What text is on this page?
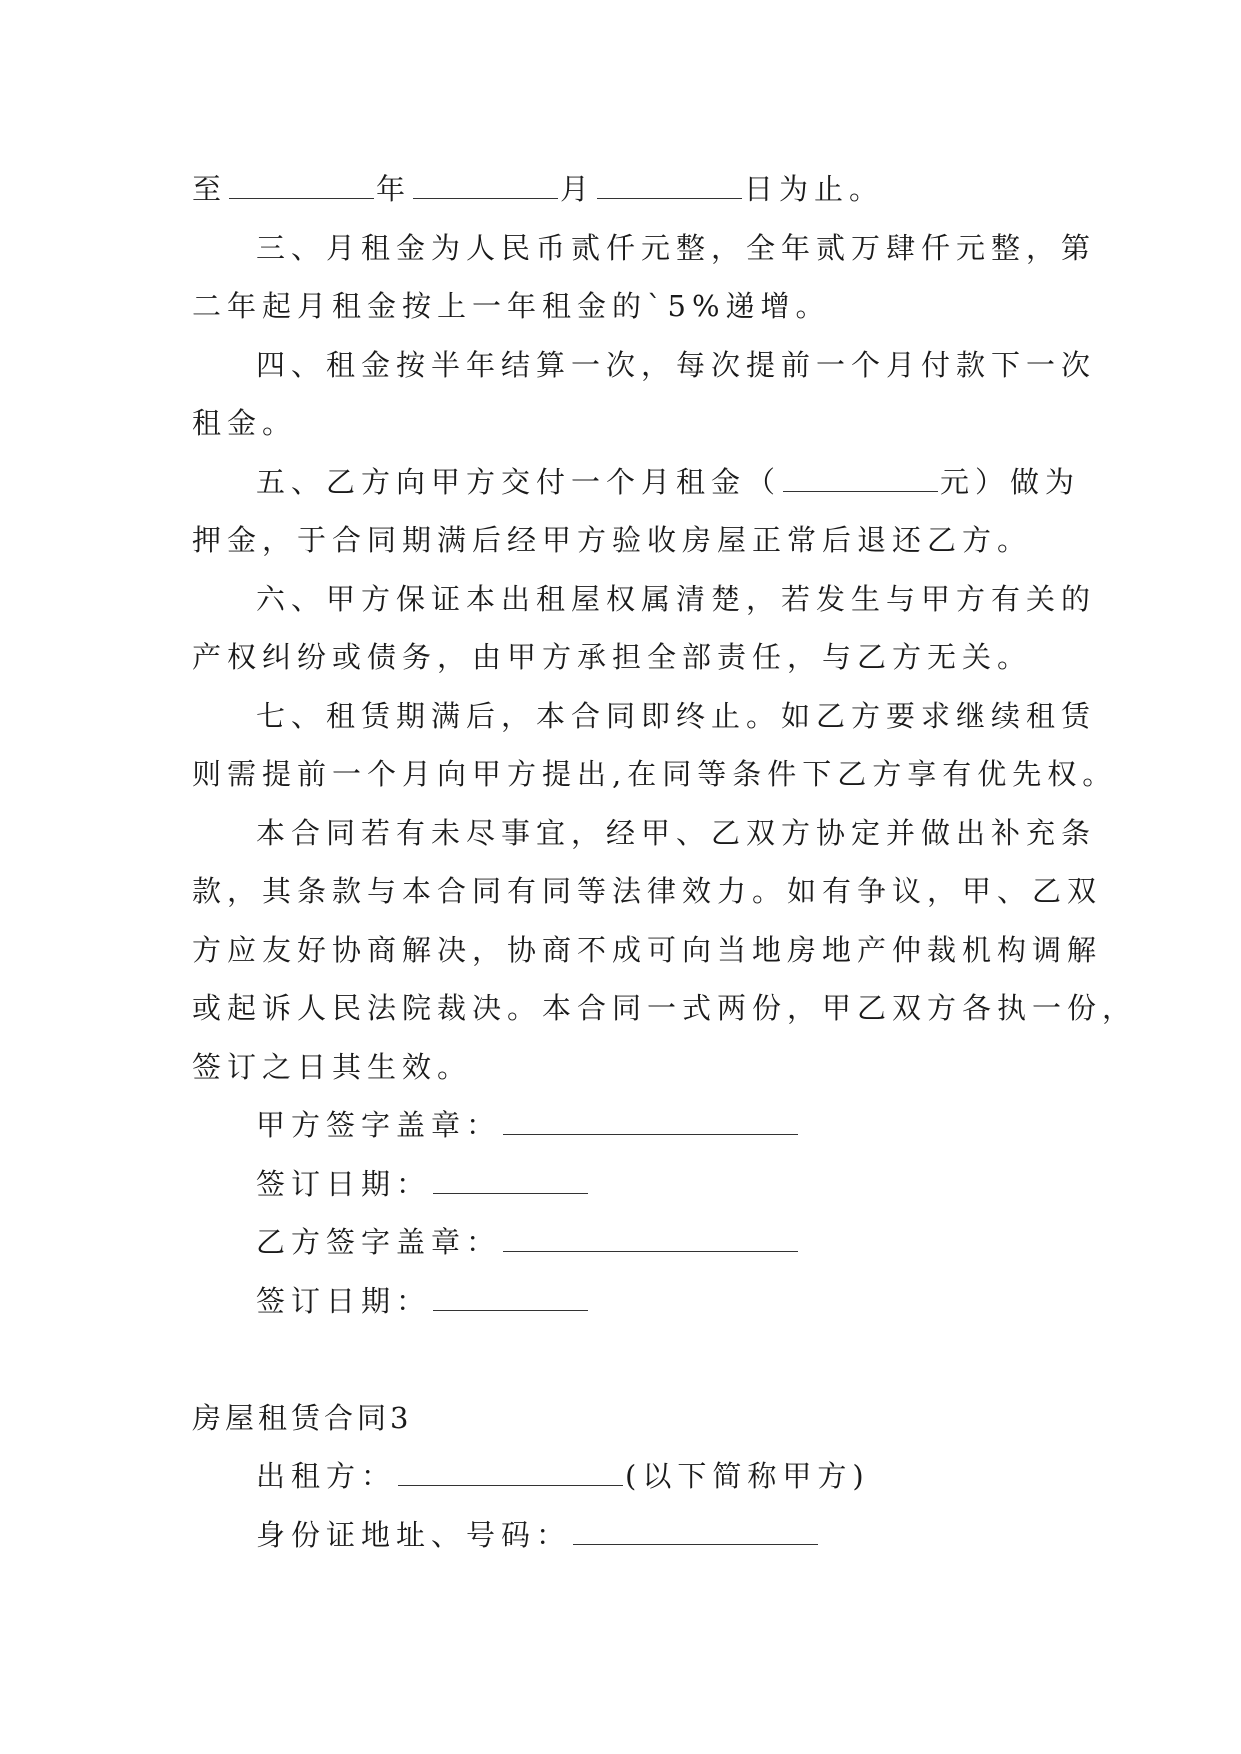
至	年	月	日为止。
三、月租金为人民币贰仟元整，全年贰万肆仟元整，第
二年起月租金按上一年租金的`5%递增。
四、租金按半年结算一次，每次提前一个月付款下一次
租金。
五、乙方向甲方交付一个月租金（	元）做为
押金，于合同期满后经甲方验收房屋正常后退还乙方。
六、甲方保证本出租屋权属清楚，若发生与甲方有关的
产权纠纷或债务，由甲方承担全部责任，与乙方无关。
七、租赁期满后，本合同即终止。如乙方要求继续租赁
则需提前一个月向甲方提出,在同等条件下乙方享有优先权。
本合同若有未尽事宜，经甲、乙双方协定并做出补充条
款，其条款与本合同有同等法律效力。如有争议，甲、乙双
方应友好协商解决，协商不成可向当地房地产仲裁机构调解
或起诉人民法院裁决。本合同一式两份，甲乙双方各执一份，
签订之日其生效。
甲方签字盖章：
签订日期：
乙方签字盖章：
签订日期：
房屋租赁合同3
出租方：	(以下简称甲方)
身份证地址、号码：
